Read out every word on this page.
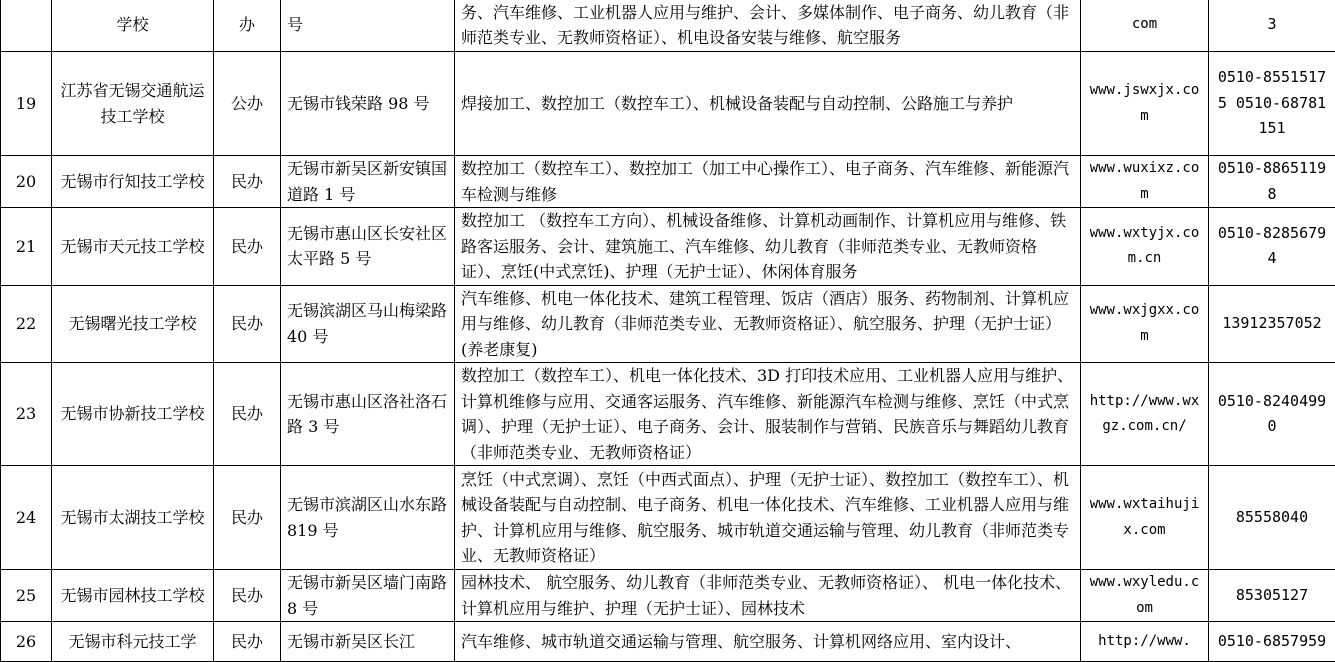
	学校	办	号	务、汽车维修、工业机器人应用与维护、会计、多媒体制作、电子商务、幼儿教育（非师范类专业、无教师资格证）、机电设备安装与维修、航空服务	com	3
19	江苏省无锡交通航运技工学校	公办	无锡市钱荣路 98 号	焊接加工、数控加工（数控车工）、机械设备装配与自动控制、公路施工与养护	www.jswxjx.com	0510-85515175 0510-68781151
20	无锡市行知技工学校	民办	无锡市新吴区新安镇国道路 1 号	数控加工（数控车工）、数控加工（加工中心操作工）、电子商务、汽车维修、新能源汽车检测与维修	www.wuxixz.com	0510-88651198
21	无锡市天元技工学校	民办	无锡市惠山区长安社区太平路 5 号	数控加工 （数控车工方向）、机械设备维修、计算机动画制作、计算机应用与维修、铁路客运服务、会计、建筑施工、汽车维修、幼儿教育（非师范类专业、无教师资格证）、烹饪(中式烹饪)、护理（无护士证）、休闲体育服务	www.wxtyjx.com.cn	0510-82856794
22	无锡曙光技工学校	民办	无锡滨湖区马山梅梁路 40 号	汽车维修、机电一体化技术、建筑工程管理、饭店（酒店）服务、药物制剂、计算机应用与维修、幼儿教育（非师范类专业、无教师资格证）、航空服务、护理（无护士证）(养老康复)	www.wxjgxx.com	13912357052
23	无锡市协新技工学校	民办	无锡市惠山区洛社洛石路 3 号	数控加工（数控车工）、机电一体化技术、3D 打印技术应用、工业机器人应用与维护、计算机维修与应用、交通客运服务、汽车维修、新能源汽车检测与维修、烹饪（中式烹调）、护理（无护士证）、电子商务、会计、服装制作与营销、民族音乐与舞蹈幼儿教育（非师范类专业、无教师资格证）	http://www.wxgz.com.cn/	0510-82404990
24	无锡市太湖技工学校	民办	无锡市滨湖区山水东路 819 号	烹饪（中式烹调）、烹饪（中西式面点）、护理（无护士证）、数控加工（数控车工）、机械设备装配与自动控制、电子商务、机电一体化技术、汽车维修、工业机器人应用与维护、计算机应用与维修、航空服务、城市轨道交通运输与管理、幼儿教育（非师范类专业、无教师资格证）	www.wxtaihujix.com	85558040
25	无锡市园林技工学校	民办	无锡市新吴区墙门南路 8 号	园林技术、 航空服务、幼儿教育（非师范类专业、无教师资格证）、 机电一体化技术、计算机应用与维护、护理（无护士证）、园林技术	www.wxyledu.com	85305127
26	无锡市科元技工学	民办	无锡市新吴区长江	汽车维修、城市轨道交通运输与管理、航空服务、计算机网络应用、室内设计、	http://www.	0510-6857959
